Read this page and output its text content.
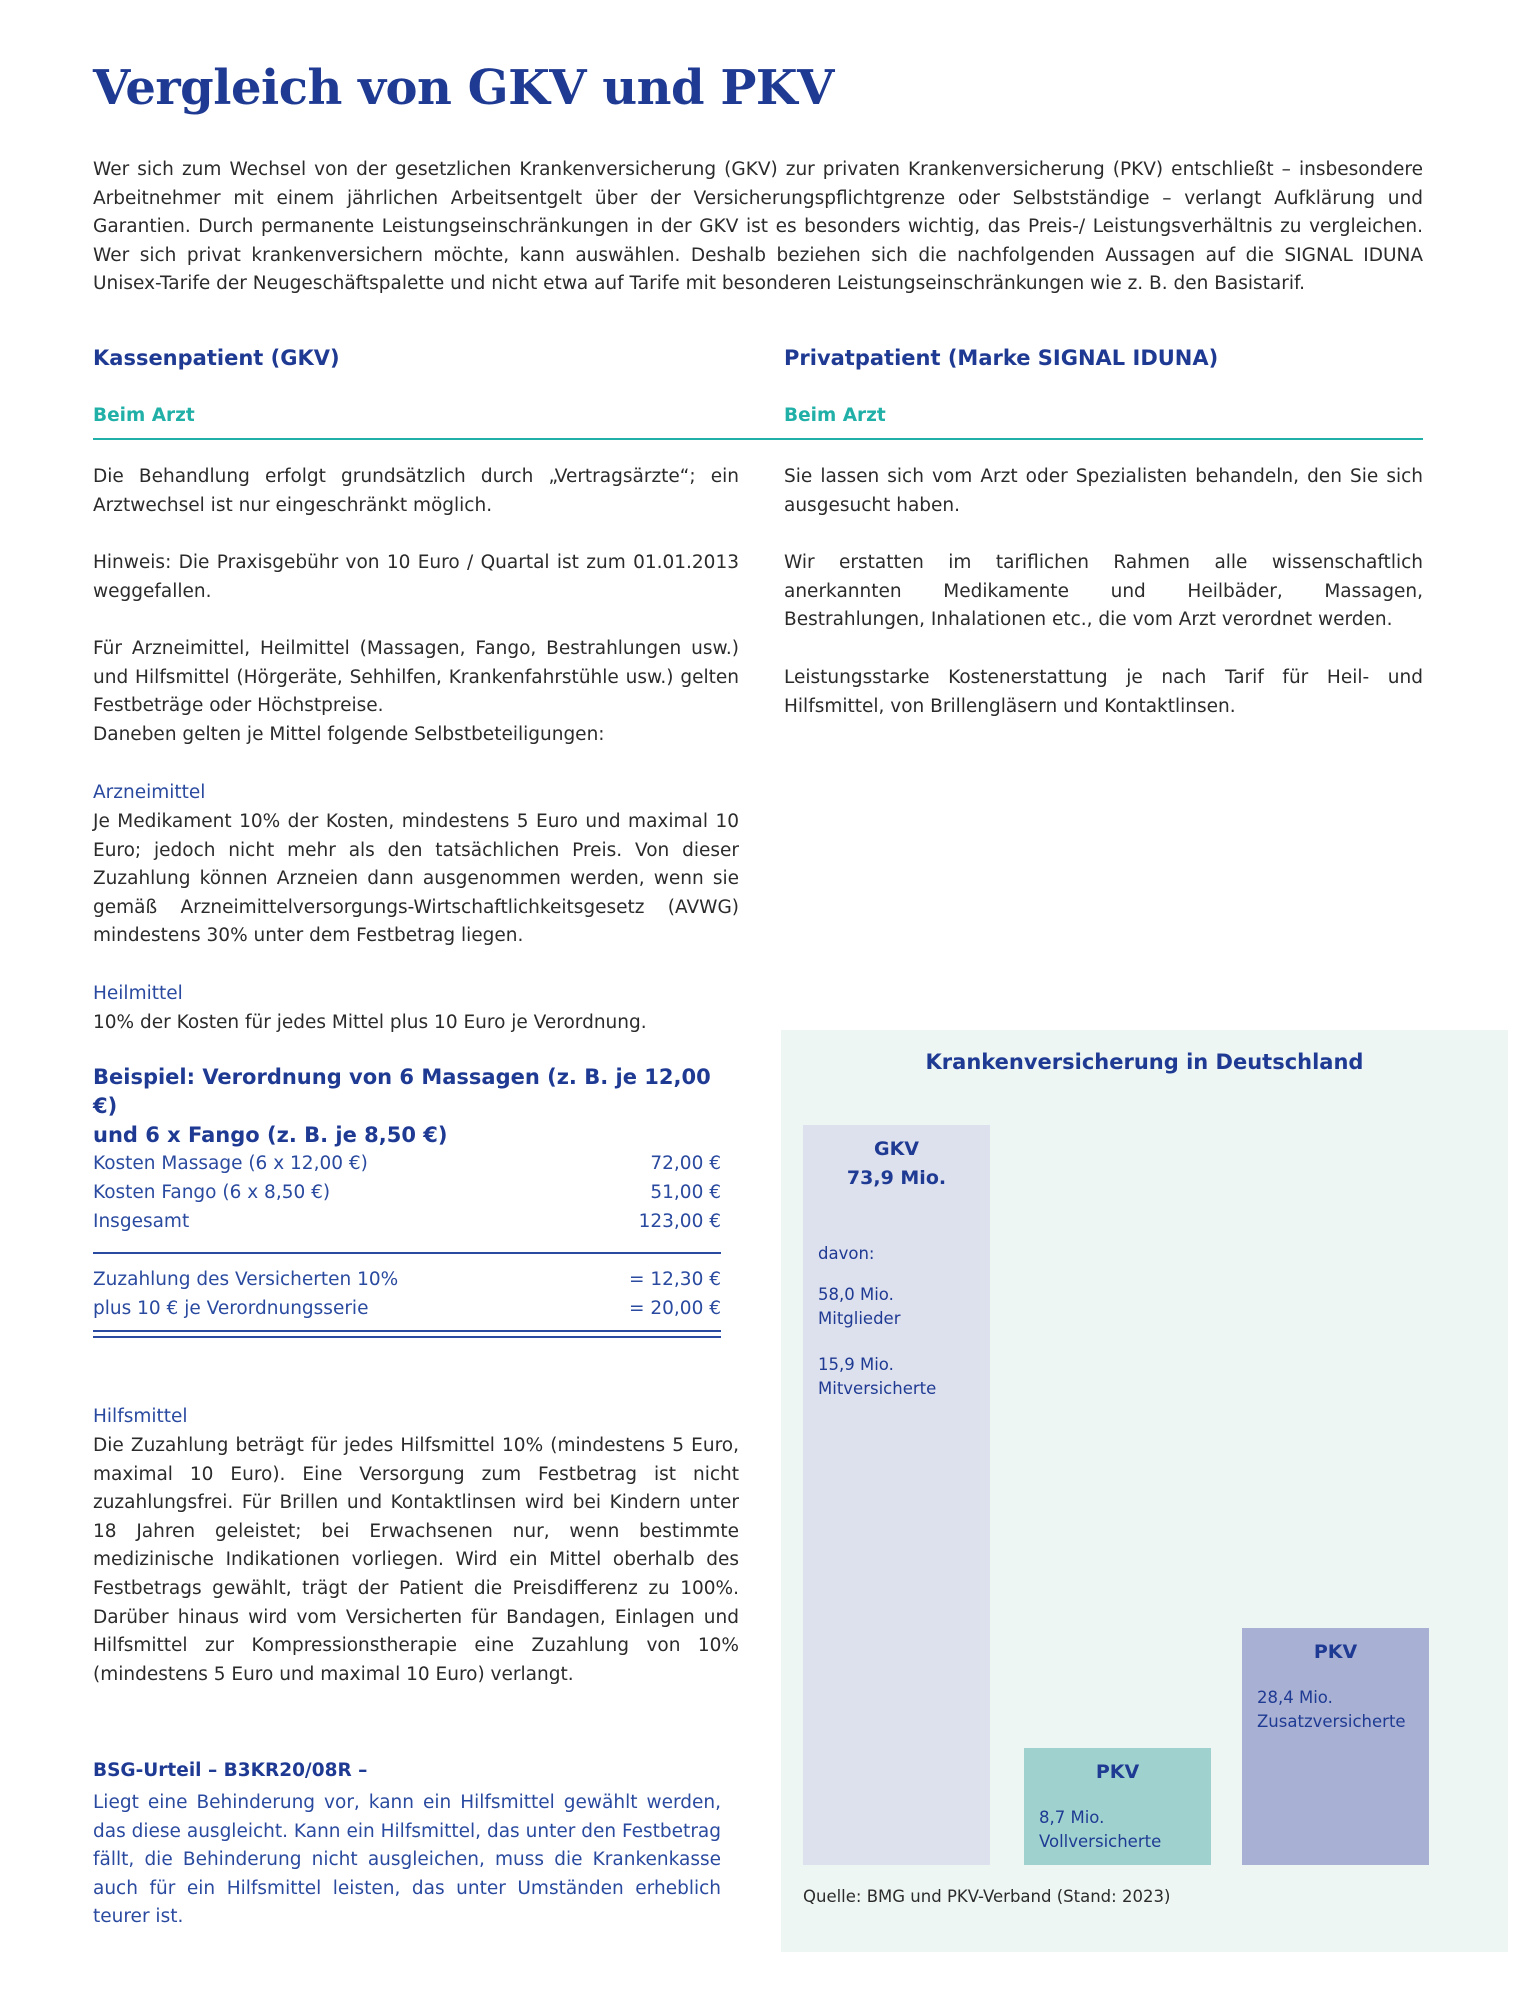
Vergleich von GKV und PKV

Wer sich zum Wechsel von der gesetzlichen Krankenversicherung (GKV) zur privaten Krankenversicherung (PKV) entschließt – insbesondere Arbeitnehmer mit einem jährlichen Arbeitsentgelt über der Versicherungspflichtgrenze oder Selbstständige – verlangt Aufklärung und Garantien. Durch permanente Leistungseinschränkungen in der GKV ist es besonders wichtig, das Preis-/ Leistungsverhältnis zu vergleichen. Wer sich privat krankenversichern möchte, kann auswählen. Deshalb beziehen sich die nachfolgenden Aussagen auf die SIGNAL IDUNA Unisex-Tarife der Neugeschäftspalette und nicht etwa auf Tarife mit besonderen Leistungseinschränkungen wie z. B. den Basistarif.

Kassenpatient (GKV)	Privatpatient (Marke SIGNAL IDUNA)
Beim Arzt	Beim Arzt

Die Behandlung erfolgt grundsätzlich durch „Vertragsärzte“; ein Arztwechsel ist nur eingeschränkt möglich.

Hinweis: Die Praxisgebühr von 10 Euro / Quartal ist zum 01.01.2013 weggefallen.

Für Arzneimittel, Heilmittel (Massagen, Fango, Bestrahlungen usw.) und Hilfsmittel (Hörgeräte, Sehhilfen, Krankenfahrstühle usw.) gelten Festbeträge oder Höchstpreise.

Daneben gelten je Mittel folgende Selbstbeteiligungen:

Arzneimittel

Je Medikament 10% der Kosten, mindestens 5 Euro und maximal 10 Euro; jedoch nicht mehr als den tatsächlichen Preis. Von dieser Zuzahlung können Arzneien dann ausgenommen werden, wenn sie gemäß Arzneimittelversorgungs-Wirtschaftlichkeitsgesetz (AVWG) mindestens 30% unter dem Festbetrag liegen.

Heilmittel

10% der Kosten für jedes Mittel plus 10 Euro je Verordnung.

Beispiel: Verordnung von 6 Massagen (z. B. je 12,00 €)
und 6 x Fango (z. B. je 8,50 €)
Kosten Massage (6 x 12,00 €)	72,00 €
Kosten Fango (6 x 8,50 €)	51,00 €
Insgesamt	123,00 €
Zuzahlung des Versicherten 10%	= 12,30 €
plus 10 € je Verordnungsserie	= 20,00 €

Hilfsmittel

Die Zuzahlung beträgt für jedes Hilfsmittel 10% (mindestens 5 Euro, maximal 10 Euro). Eine Versorgung zum Festbetrag ist nicht zuzahlungsfrei. Für Brillen und Kontaktlinsen wird bei Kindern unter 18 Jahren geleistet; bei Erwachsenen nur, wenn bestimmte medizinische Indikationen vorliegen. Wird ein Mittel oberhalb des Festbetrags gewählt, trägt der Patient die Preisdifferenz zu 100%. Darüber hinaus wird vom Versicherten für Bandagen, Einlagen und Hilfsmittel zur Kompressionstherapie eine Zuzahlung von 10% (mindestens 5 Euro und maximal 10 Euro) verlangt.

BSG-Urteil – B3KR20/08R –

Liegt eine Behinderung vor, kann ein Hilfsmittel gewählt werden, das diese ausgleicht. Kann ein Hilfsmittel, das unter den Festbetrag fällt, die Behinderung nicht ausgleichen, muss die Krankenkasse auch für ein Hilfsmittel leisten, das unter Umständen erheblich teurer ist.

Sie lassen sich vom Arzt oder Spezialisten behandeln, den Sie sich ausgesucht haben.

Wir erstatten im tariflichen Rahmen alle wissenschaftlich anerkannten Medikamente und Heilbäder, Massagen, Bestrahlungen, Inhalationen etc., die vom Arzt verordnet werden.

Leistungsstarke Kostenerstattung je nach Tarif für Heil- und Hilfsmittel, von Brillengläsern und Kontaktlinsen.

Krankenversicherung in Deutschland
GKV
73,9 Mio.
davon:
58,0 Mio.
Mitglieder
15,9 Mio.
Mitversicherte
PKV
8,7 Mio.
Vollversicherte
PKV
28,4 Mio.
Zusatzversicherte
Quelle: BMG und PKV-Verband (Stand: 2023)
